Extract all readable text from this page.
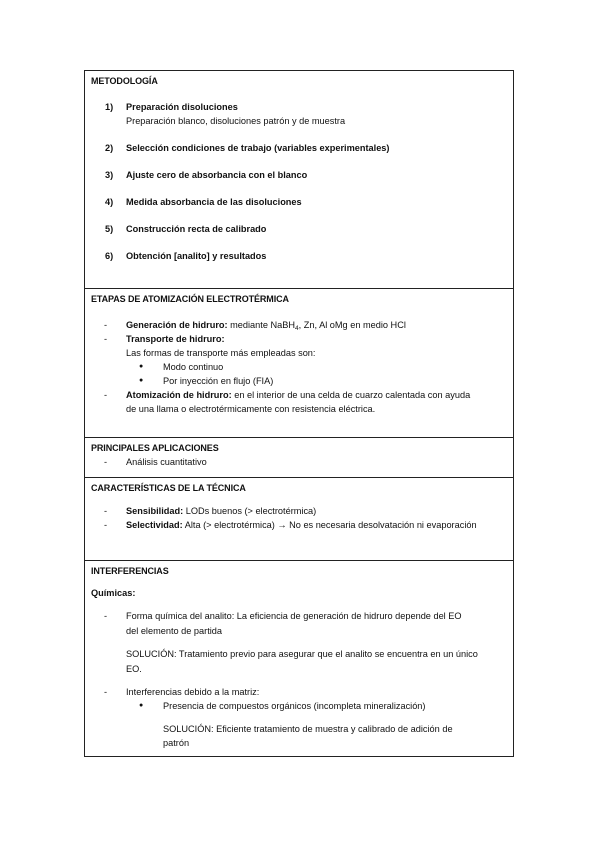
METODOLOGÍA
1) Preparación disoluciones
Preparación blanco, disoluciones patrón y de muestra
2) Selección condiciones de trabajo (variables experimentales)
3) Ajuste cero de absorbancia con el blanco
4) Medida absorbancia de las disoluciones
5) Construcción recta de calibrado
6) Obtención [analito] y resultados
ETAPAS DE ATOMIZACIÓN ELECTROTÉRMICA
- Generación de hidruro: mediante NaBH$_4$, Zn, Al oMg en medio HCl
- Transporte de hidruro:
Las formas de transporte más empleadas son:
● Modo continuo
● Por inyección en flujo (FIA)
- Atomización de hidruro: en el interior de una celda de cuarzo calentada con ayuda
de una llama o electrotérmicamente con resistencia eléctrica.
PRINCIPALES APLICACIONES
- Análisis cuantitativo
CARACTERÍSTICAS DE LA TÉCNICA
- Sensibilidad: LODs buenos (> electrotérmica)
- Selectividad: Alta (> electrotérmica) → No es necesaria desolvatación ni evaporación
INTERFERENCIAS
Químicas:
- Forma química del analito: La eficiencia de generación de hidruro depende del EO
del elemento de partida
SOLUCIÓN: Tratamiento previo para asegurar que el analito se encuentra en un único
EO.
- Interferencias debido a la matriz:
● Presencia de compuestos orgánicos (incompleta mineralización)
SOLUCIÓN: Eficiente tratamiento de muestra y calibrado de adición de
patrón
